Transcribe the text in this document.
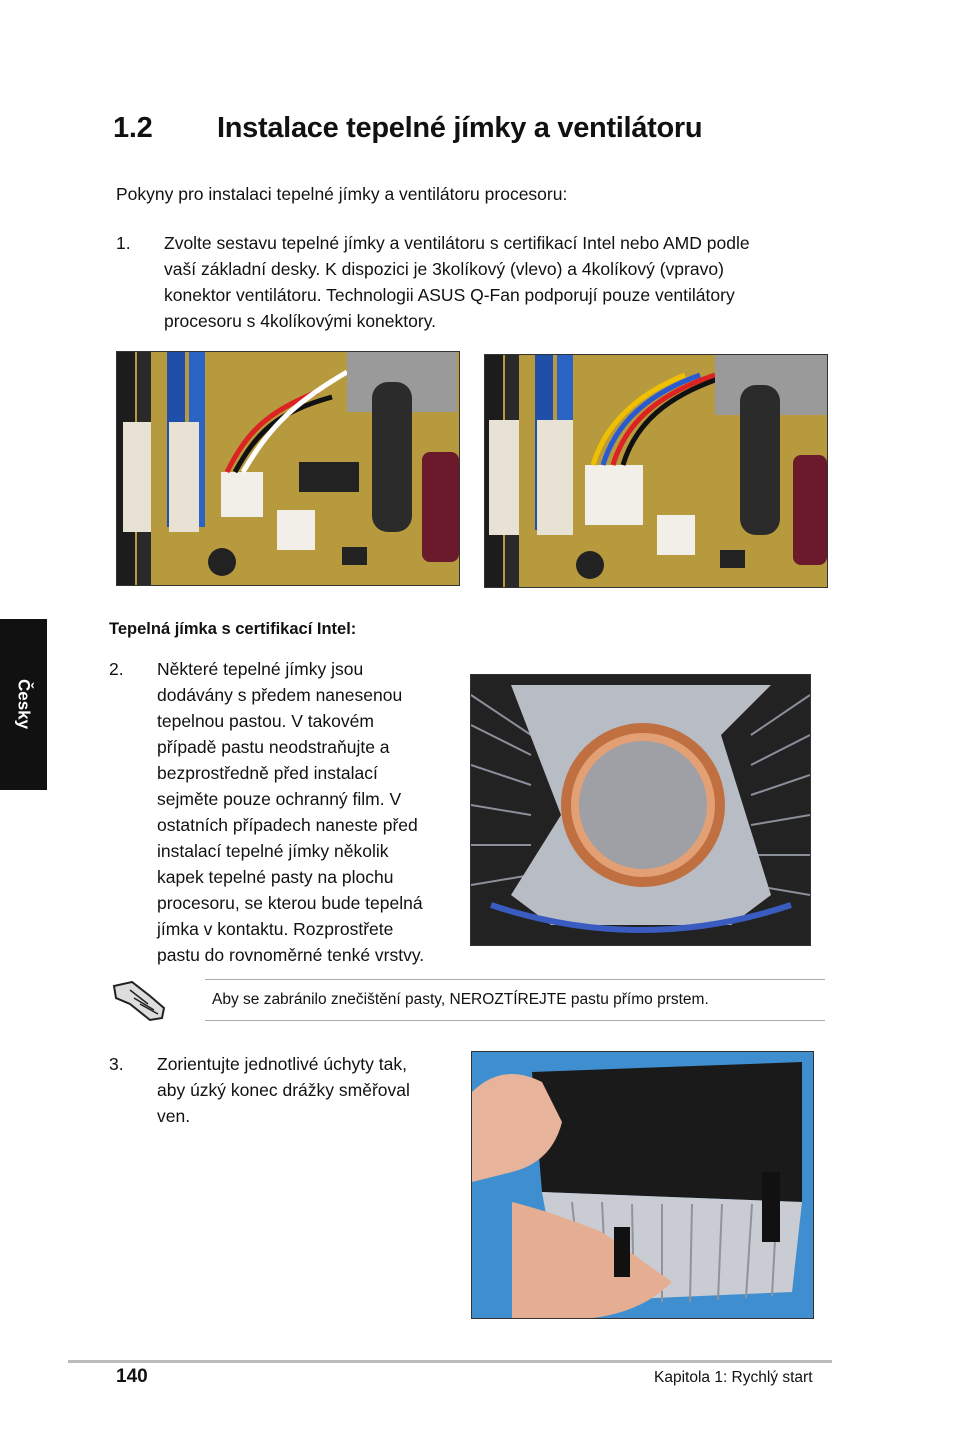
1.2 Instalace tepelné jímky a ventilátoru
Pokyny pro instalaci tepelné jímky a ventilátoru procesoru:
1. Zvolte sestavu tepelné jímky a ventilátoru s certifikací Intel nebo AMD podle
vaší základní desky. K dispozici je 3kolíkový (vlevo) a 4kolíkový (vpravo)
konektor ventilátoru. Technologii ASUS Q-Fan podporují pouze ventilátory
procesoru s 4kolíkovými konektory.
Česky
Tepelná jímka s certifikací Intel:
2. Některé tepelné jímky jsou
dodávány s předem nanesenou
tepelnou pastou. V takovém
případě pastu neodstraňujte a
bezprostředně před instalací
sejměte pouze ochranný film. V
ostatních případech naneste před
instalací tepelné jímky několik
kapek tepelné pasty na plochu
procesoru, se kterou bude tepelná
jímka v kontaktu. Rozprostřete
pastu do rovnoměrné tenké vrstvy.
Aby se zabránilo znečištění pasty, NEROZTÍREJTE pastu přímo prstem.
3. Zorientujte jednotlivé úchyty tak,
aby úzký konec drážky směřoval
ven.
140	Kapitola 1: Rychlý start
